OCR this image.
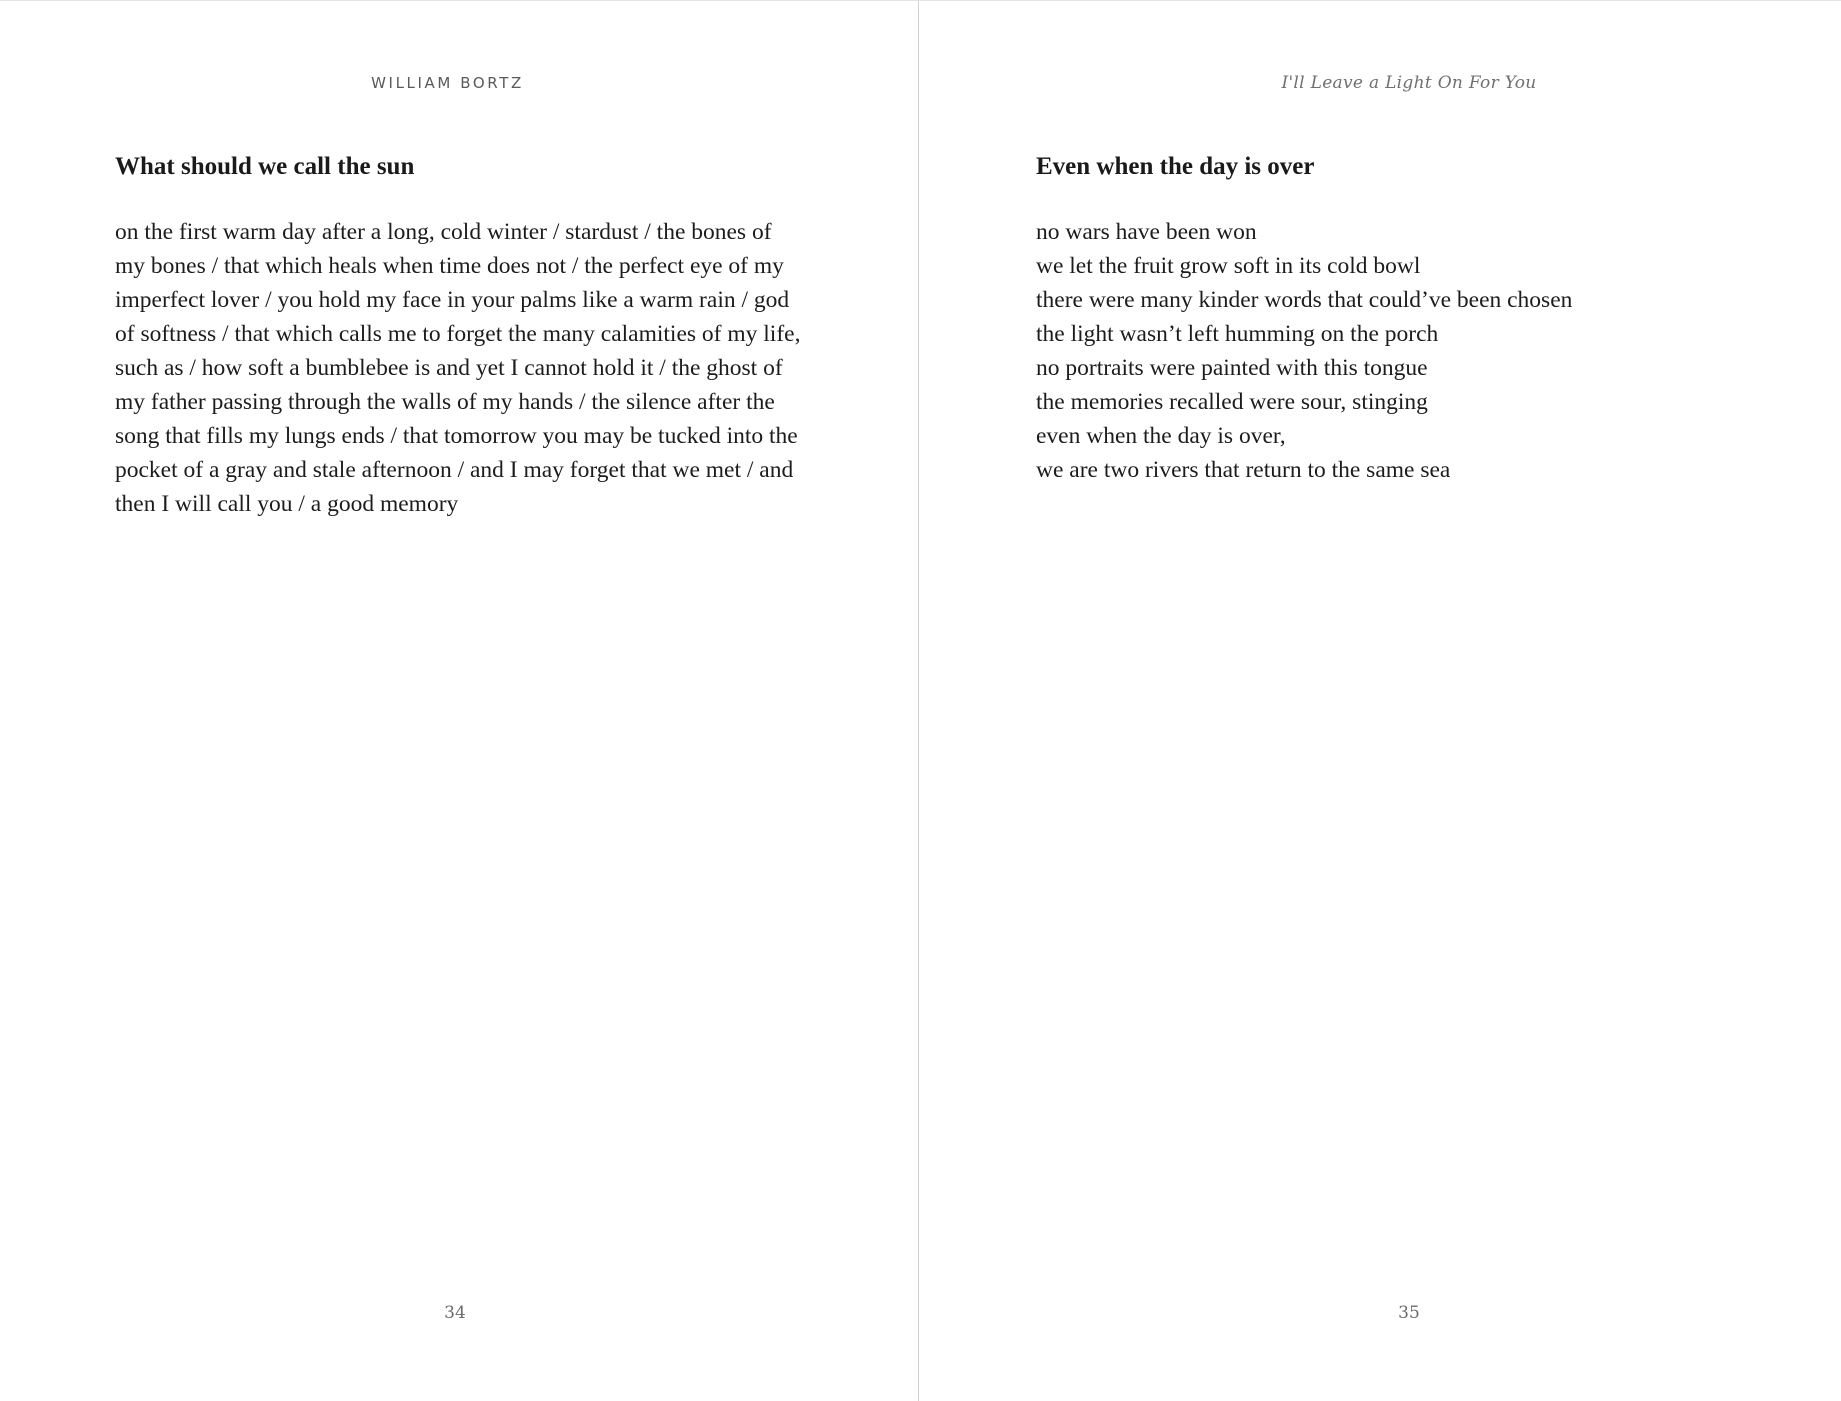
WILLIAM BORTZ
What should we call the sun
on the first warm day after a long, cold winter / stardust / the bones of
my bones / that which heals when time does not / the perfect eye of my
imperfect lover / you hold my face in your palms like a warm rain / god
of softness / that which calls me to forget the many calamities of my life,
such as / how soft a bumblebee is and yet I cannot hold it / the ghost of
my father passing through the walls of my hands / the silence after the
song that fills my lungs ends / that tomorrow you may be tucked into the
pocket of a gray and stale afternoon / and I may forget that we met / and
then I will call you / a good memory
34
I'll Leave a Light On For You
Even when the day is over
no wars have been won
we let the fruit grow soft in its cold bowl
there were many kinder words that could’ve been chosen
the light wasn’t left humming on the porch
no portraits were painted with this tongue
the memories recalled were sour, stinging
even when the day is over,
we are two rivers that return to the same sea
35
